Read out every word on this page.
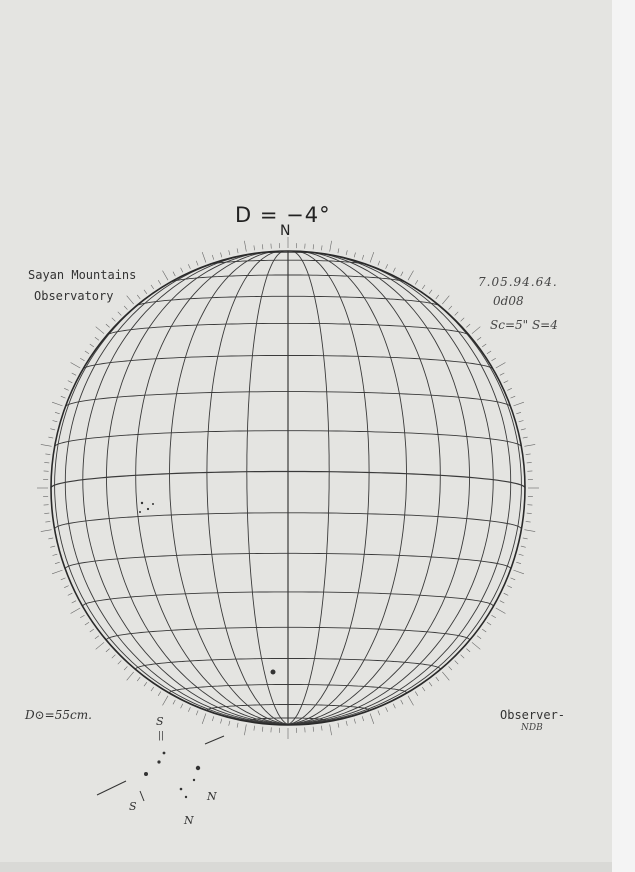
D = −4°
N
Sayan Mountains
Observatory
7.05.94.64.
0d08
Sc=5" S=4
D⊙=55cm.	Observer-
NDB
S
||
N
N
S
